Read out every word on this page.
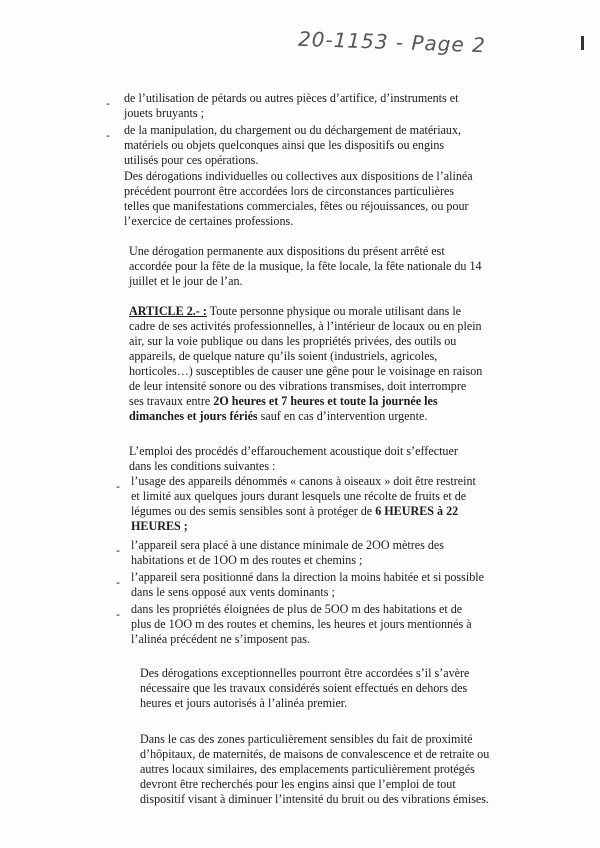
20-1153 - Page 2
- de l’utilisation de pétards ou autres pièces d’artifice, d’instruments et
jouets bruyants ;
- de la manipulation, du chargement ou du déchargement de matériaux,
matériels ou objets quelconques ainsi que les dispositifs ou engins
utilisés pour ces opérations.
Des dérogations individuelles ou collectives aux dispositions de l’alinéa
précédent pourront être accordées lors de circonstances particulières
telles que manifestations commerciales, fêtes ou réjouissances, ou pour
l’exercice de certaines professions.
Une dérogation permanente aux dispositions du présent arrêté est
accordée pour la fête de la musique, la fête locale, la fête nationale du 14
juillet et le jour de l’an.
ARTICLE 2.- : Toute personne physique ou morale utilisant dans le
cadre de ses activités professionnelles, à l’intérieur de locaux ou en plein
air, sur la voie publique ou dans les propriétés privées, des outils ou
appareils, de quelque nature qu’ils soient (industriels, agricoles,
horticoles…) susceptibles de causer une gêne pour le voisinage en raison
de leur intensité sonore ou des vibrations transmises, doit interrompre
ses travaux entre 2O heures et 7 heures et toute la journée les
dimanches et jours fériés sauf en cas d’intervention urgente.
L’emploi des procédés d’effarouchement acoustique doit s’effectuer
dans les conditions suivantes :
- l’usage des appareils dénommés « canons à oiseaux » doit être restreint
et limité aux quelques jours durant lesquels une récolte de fruits et de
légumes ou des semis sensibles sont à protéger de 6 HEURES à 22
HEURES ;
- l’appareil sera placé à une distance minimale de 2OO mètres des
habitations et de 1OO m des routes et chemins ;
- l’appareil sera positionné dans la direction la moins habitée et si possible
dans le sens opposé aux vents dominants ;
- dans les propriétés éloignées de plus de 5OO m des habitations et de
plus de 1OO m des routes et chemins, les heures et jours mentionnés à
l’alinéa précédent ne s’imposent pas.
Des dérogations exceptionnelles pourront être accordées s’il s’avère
nécessaire que les travaux considérés soient effectués en dehors des
heures et jours autorisés à l’alinéa premier.
Dans le cas des zones particulièrement sensibles du fait de proximité
d’hôpitaux, de maternités, de maisons de convalescence et de retraite ou
autres locaux similaires, des emplacements particulièrement protégés
devront être recherchés pour les engins ainsi que l’emploi de tout
dispositif visant à diminuer l’intensité du bruit ou des vibrations émises.
